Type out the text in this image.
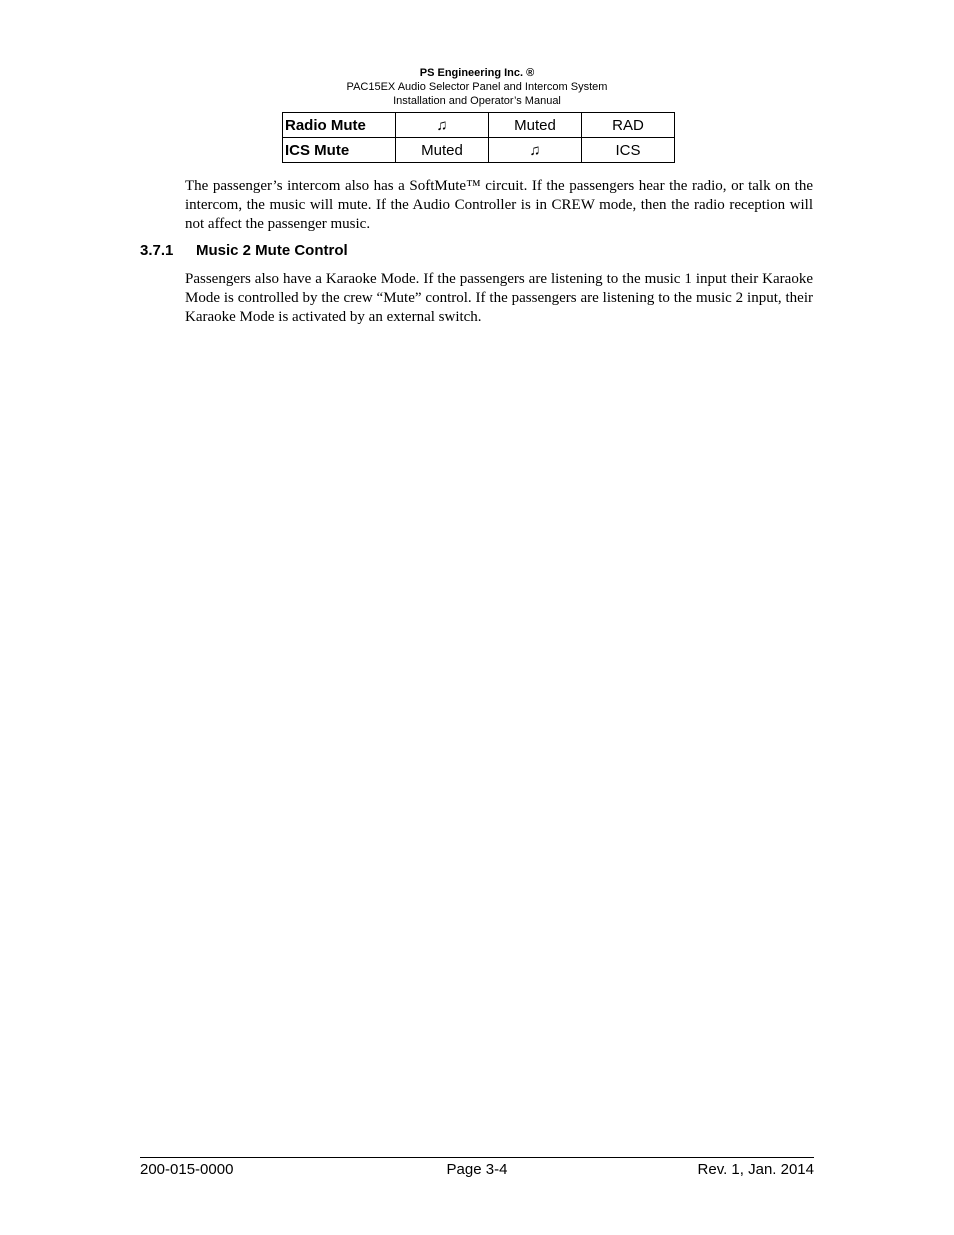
PS Engineering Inc. ®
PAC15EX Audio Selector Panel and Intercom System
Installation and Operator’s Manual
Radio Mute	♫	Muted	RAD
ICS Mute	Muted	♫	ICS

The passenger’s intercom also has a SoftMute™ circuit. If the passengers hear the radio, or talk on the intercom, the music will mute. If the Audio Controller is in CREW mode, then the radio reception will not affect the passenger music.

3.7.1 Music 2 Mute Control

Passengers also have a Karaoke Mode. If the passengers are listening to the music 1 input their Karaoke Mode is controlled by the crew “Mute” control. If the passengers are listening to the music 2 input, their Karaoke Mode is activated by an external switch.

200-015-0000	Page 3-4	Rev. 1, Jan. 2014
